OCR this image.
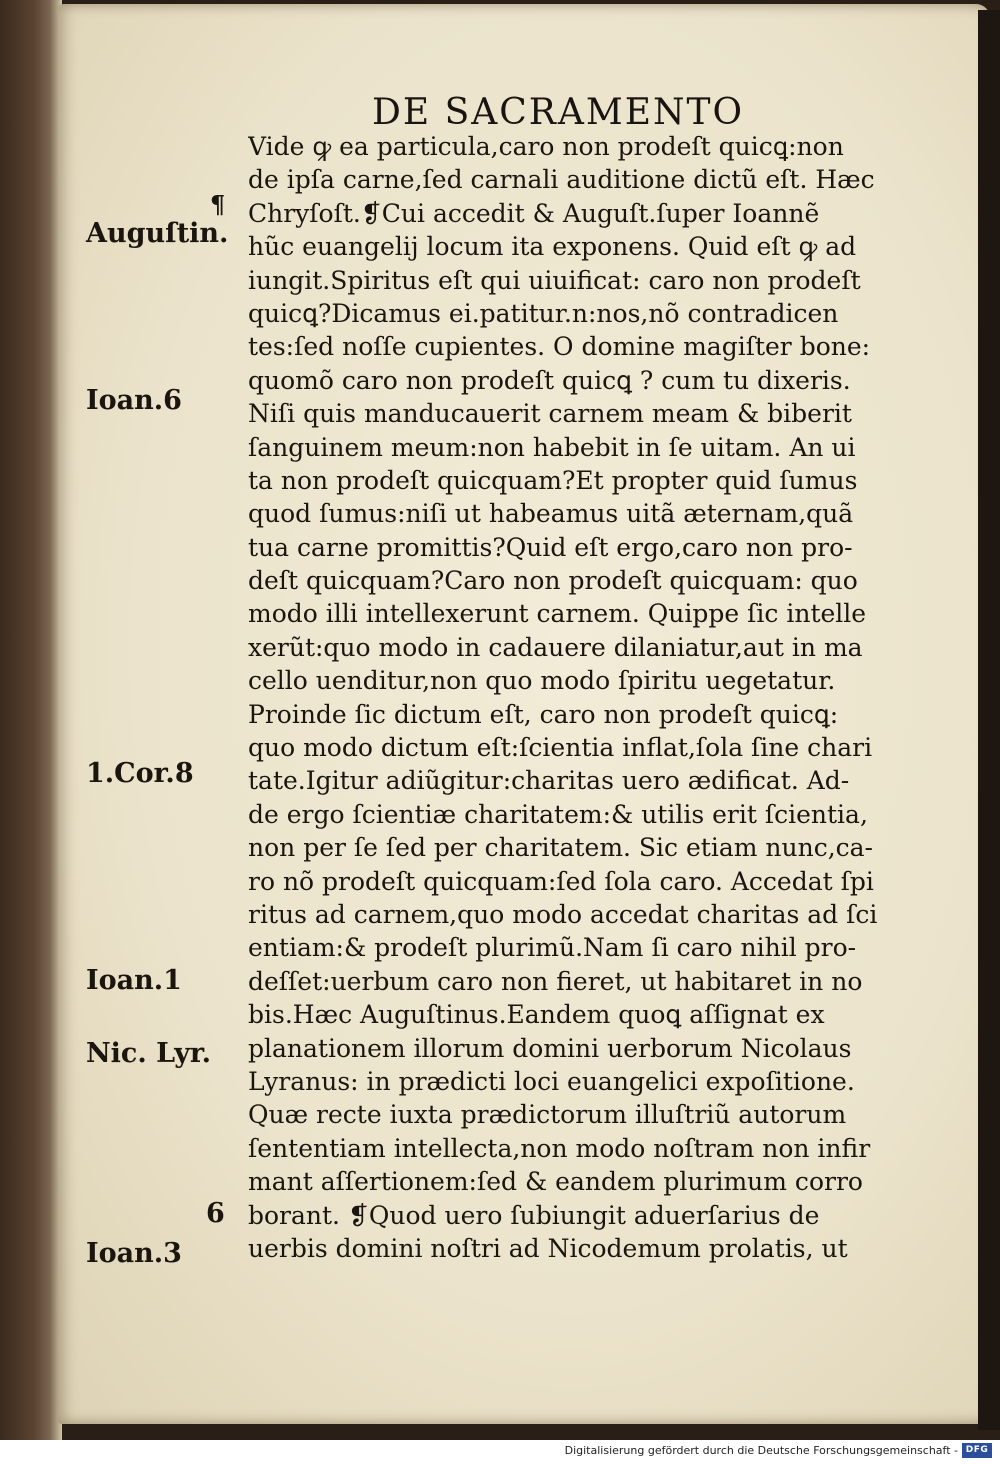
DE SACRAMENTO
Vide ꝙ ea particula,caro non prodeſt quicꝗ:non
de ipſa carne,ſed carnali auditione dictũ eſt. Hæc
Chryſoſt.❡Cui accedit & Auguſt.ſuper Ioannẽ
hũc euangelij locum ita exponens. Quid eſt ꝙ ad
iungit.Spiritus eſt qui uiuificat: caro non prodeſt
quicꝗ?Dicamus ei.patitur.n:nos,nõ contradicen
tes:ſed noſſe cupientes. O domine magiſter bone:
quomõ caro non prodeſt quicꝗ ? cum tu dixeris.
Niſi quis manducauerit carnem meam & biberit
ſanguinem meum:non habebit in ſe uitam. An ui
ta non prodeſt quicquam?Et propter quid ſumus
quod ſumus:niſi ut habeamus uitã æternam,quã
tua carne promittis?Quid eſt ergo,caro non pro-
deſt quicquam?Caro non prodeſt quicquam: quo
modo illi intellexerunt carnem. Quippe ſic intelle
xerũt:quo modo in cadauere dilaniatur,aut in ma
cello uenditur,non quo modo ſpiritu uegetatur.
Proinde ſic dictum eſt, caro non prodeſt quicꝗ:
quo modo dictum eſt:ſcientia inflat,ſola ſine chari
tate.Igitur adiũgitur:charitas uero ædificat. Ad-
de ergo ſcientiæ charitatem:& utilis erit ſcientia,
non per ſe ſed per charitatem. Sic etiam nunc,ca-
ro nõ prodeſt quicquam:ſed ſola caro. Accedat ſpi
ritus ad carnem,quo modo accedat charitas ad ſci
entiam:& prodeſt plurimũ.Nam ſi caro nihil pro-
deſſet:uerbum caro non fieret, ut habitaret in no
bis.Hæc Auguſtinus.Eandem quoꝗ aſſignat ex
planationem illorum domini uerborum Nicolaus
Lyranus: in prædicti loci euangelici expoſitione.
Quæ recte iuxta prædictorum illuſtriũ autorum
ſententiam intellecta,non modo noſtram non infir
mant aſſertionem:ſed & eandem plurimum corro
borant. ❡Quod uero ſubiungit aduerſarius de
uerbis domini noſtri ad Nicodemum prolatis, ut
¶
Auguſtin.
Ioan.6
1.Cor.8
Ioan.1
Nic. Lyr.
6
Ioan.3
Digitalisierung gefördert durch die Deutsche Forschungsgemeinschaft - DFG
